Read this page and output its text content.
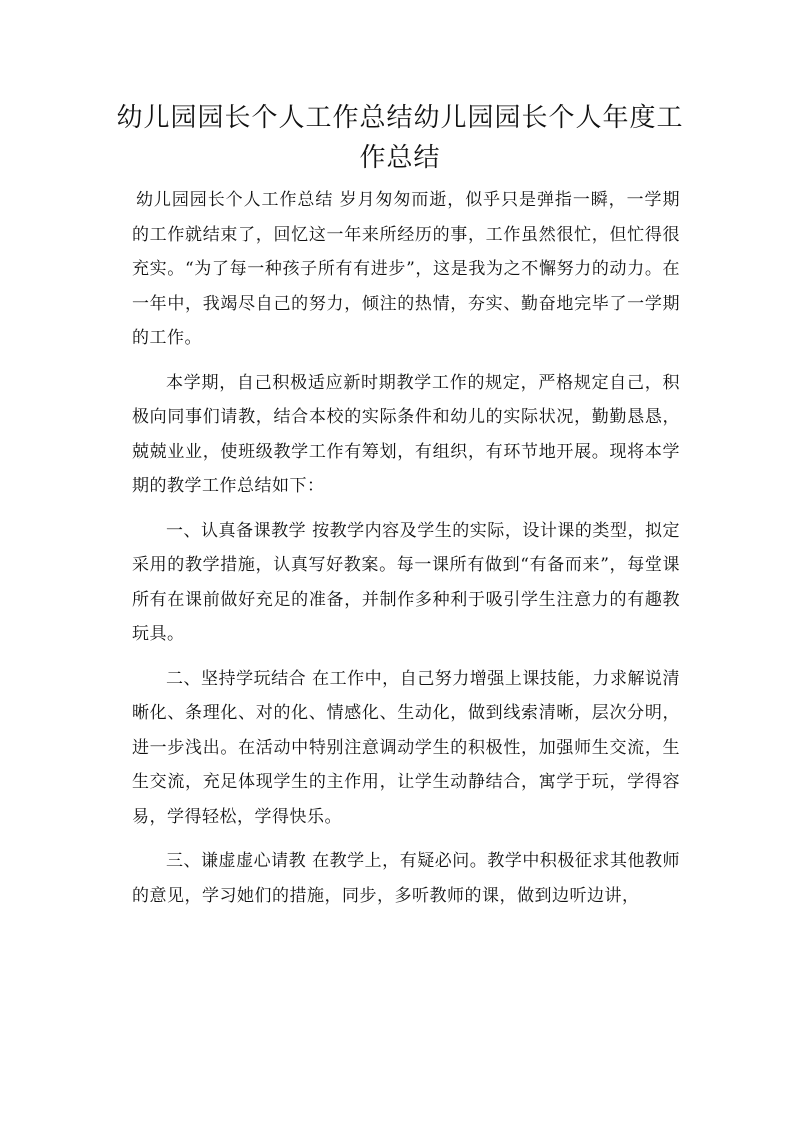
幼儿园园长个人工作总结幼儿园园长个人年度工作总结

幼儿园园长个人工作总结 岁月匆匆而逝，似乎只是弹指一瞬，一学期的工作就结束了，回忆这一年来所经历的事，工作虽然很忙，但忙得很充实。“为了每一种孩子所有有进步”，这是我为之不懈努力的动力。在一年中，我竭尽自己的努力，倾注的热情，夯实、勤奋地完毕了一学期的工作。

本学期，自己积极适应新时期教学工作的规定，严格规定自己，积极向同事们请教，结合本校的实际条件和幼儿的实际状况，勤勤恳恳，兢兢业业，使班级教学工作有筹划，有组织，有环节地开展。现将本学期的教学工作总结如下：

一、认真备课教学 按教学内容及学生的实际，设计课的类型，拟定采用的教学措施，认真写好教案。每一课所有做到“有备而来”，每堂课所有在课前做好充足的准备，并制作多种利于吸引学生注意力的有趣教玩具。

二、坚持学玩结合 在工作中，自己努力增强上课技能，力求解说清晰化、条理化、对的化、情感化、生动化，做到线索清晰，层次分明，进一步浅出。在活动中特别注意调动学生的积极性，加强师生交流，生生交流，充足体现学生的主作用，让学生动静结合，寓学于玩，学得容易，学得轻松，学得快乐。

三、谦虚虚心请教 在教学上，有疑必问。教学中积极征求其他教师的意见，学习她们的措施，同步，多听教师的课，做到边听边讲，
